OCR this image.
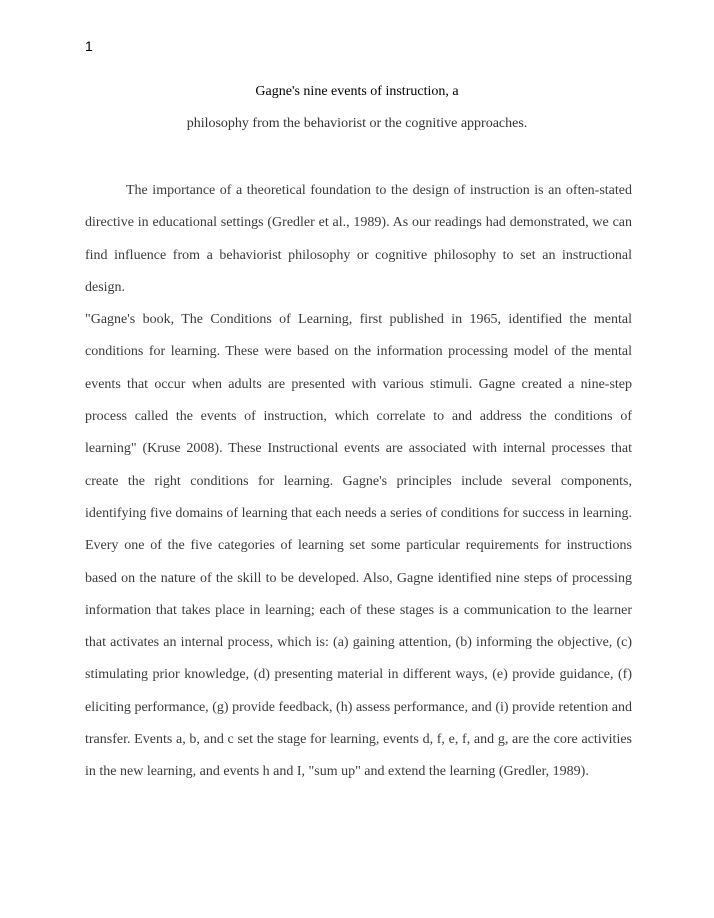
1
Gagne's nine events of instruction, a
philosophy from the behaviorist or the cognitive approaches.

The importance of a theoretical foundation to the design of instruction is an often-stated directive in educational settings (Gredler et al., 1989). As our readings had demonstrated, we can find influence from a behaviorist philosophy or cognitive philosophy to set an instructional design.

"Gagne's book, The Conditions of Learning, first published in 1965, identified the mental conditions for learning. These were based on the information processing model of the mental events that occur when adults are presented with various stimuli. Gagne created a nine-step process called the events of instruction, which correlate to and address the conditions of learning" (Kruse 2008). These Instructional events are associated with internal processes that create the right conditions for learning. Gagne's principles include several components, identifying five domains of learning that each needs a series of conditions for success in learning. Every one of the five categories of learning set some particular requirements for instructions based on the nature of the skill to be developed. Also, Gagne identified nine steps of processing information that takes place in learning; each of these stages is a communication to the learner that activates an internal process, which is: (a) gaining attention, (b) informing the objective, (c) stimulating prior knowledge, (d) presenting material in different ways, (e) provide guidance, (f) eliciting performance, (g) provide feedback, (h) assess performance, and (i) provide retention and transfer. Events a, b, and c set the stage for learning, events d, f, e, f, and g, are the core activities in the new learning, and events h and I, "sum up" and extend the learning (Gredler, 1989).
